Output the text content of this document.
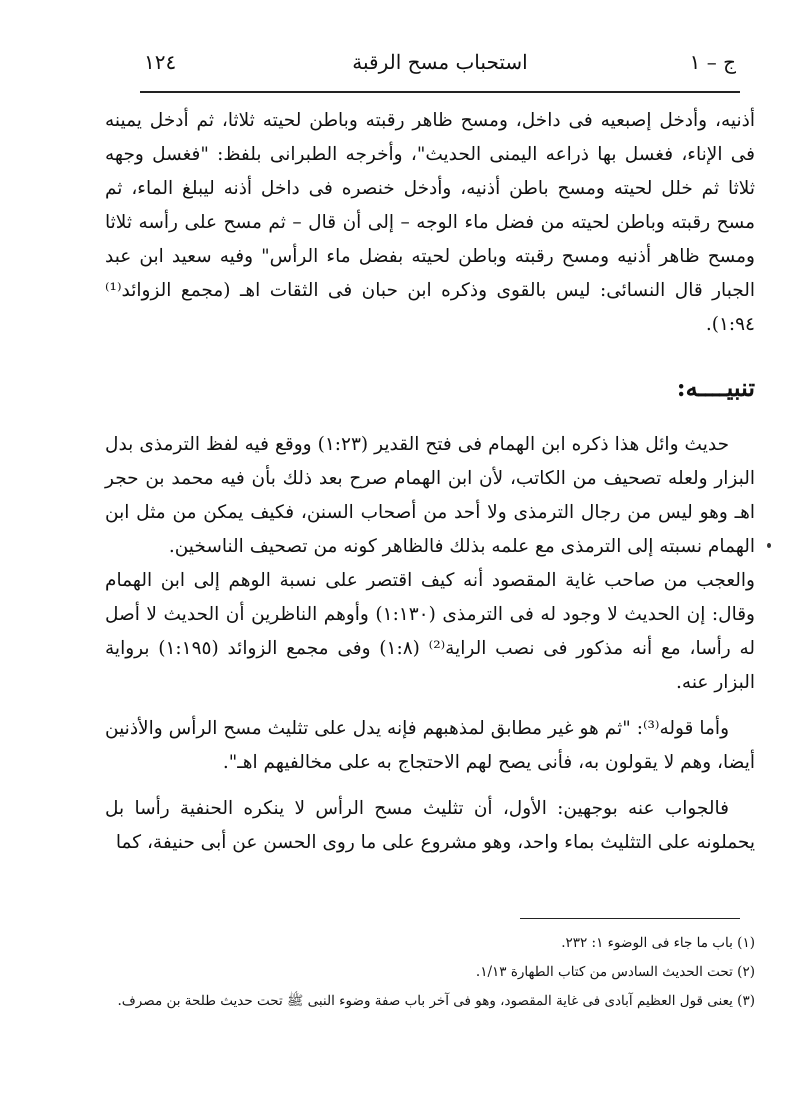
١٢٤	استحباب مسح الرقبة	ج – ١

أذنيه، وأدخل إصبعيه فى داخل، ومسح ظاهر رقبته وباطن لحيته ثلاثا، ثم أدخل يمينه فى الإناء، فغسل بها ذراعه اليمنى الحديث"، وأخرجه الطبرانى بلفظ: "فغسل وجهه ثلاثا ثم خلل لحيته ومسح باطن أذنيه، وأدخل خنصره فى داخل أذنه ليبلغ الماء، ثم مسح رقبته وباطن لحيته من فضل ماء الوجه – إلى أن قال – ثم مسح على رأسه ثلاثا ومسح ظاهر أذنيه ومسح رقبته وباطن لحيته بفضل ماء الرأس" وفيه سعيد ابن عبد الجبار قال النسائى: ليس بالقوى وذكره ابن حبان فى الثقات اهـ (مجمع الزوائد⁽¹⁾ ١:٩٤).

تنبيــــه:

حديث وائل هذا ذكره ابن الهمام فى فتح القدير (١:٢٣) ووقع فيه لفظ الترمذى بدل البزار ولعله تصحيف من الكاتب، لأن ابن الهمام صرح بعد ذلك بأن فيه محمد بن حجر اهـ وهو ليس من رجال الترمذى ولا أحد من أصحاب السنن، فكيف يمكن من مثل ابن الهمام نسبته إلى الترمذى مع علمه بذلك فالظاهر كونه من تصحيف الناسخين.

والعجب من صاحب غاية المقصود أنه كيف اقتصر على نسبة الوهم إلى ابن الهمام وقال: إن الحديث لا وجود له فى الترمذى (١:١٣٠) وأوهم الناظرين أن الحديث لا أصل له رأسا، مع أنه مذكور فى نصب الراية⁽²⁾ (١:٨) وفى مجمع الزوائد (١:١٩٥) برواية البزار عنه.

وأما قوله⁽³⁾: "ثم هو غير مطابق لمذهبهم فإنه يدل على تثليث مسح الرأس والأذنين أيضا، وهم لا يقولون به، فأنى يصح لهم الاحتجاج به على مخالفيهم اهـ".

فالجواب عنه بوجهين: الأول، أن تثليث مسح الرأس لا ينكره الحنفية رأسا بل يحملونه على التثليث بماء واحد، وهو مشروع على ما روى الحسن عن أبى حنيفة، كما

(١) باب ما جاء فى الوضوء ١: ٢٣٢.

(٢) تحت الحديث السادس من كتاب الطهارة ١/١٣.

(٣) يعنى قول العظيم آبادى فى غاية المقصود، وهو فى آخر باب صفة وضوء النبى ﷺ تحت حديث طلحة بن مصرف.
